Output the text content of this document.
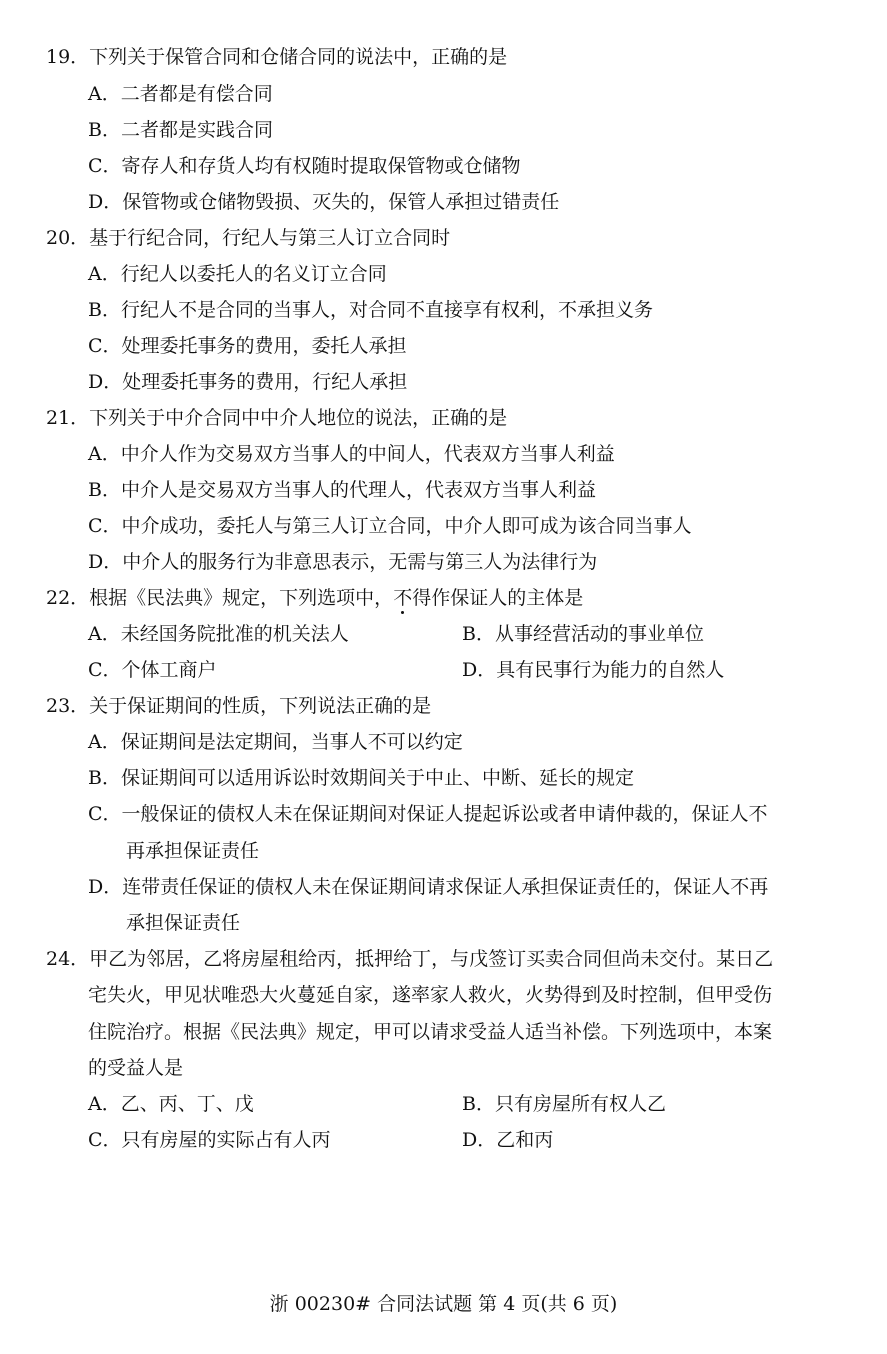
19．下列关于保管合同和仓储合同的说法中，正确的是
A．二者都是有偿合同
B．二者都是实践合同
C．寄存人和存货人均有权随时提取保管物或仓储物
D．保管物或仓储物毁损、灭失的，保管人承担过错责任
20．基于行纪合同，行纪人与第三人订立合同时
A．行纪人以委托人的名义订立合同
B．行纪人不是合同的当事人，对合同不直接享有权利，不承担义务
C．处理委托事务的费用，委托人承担
D．处理委托事务的费用，行纪人承担
21．下列关于中介合同中中介人地位的说法，正确的是
A．中介人作为交易双方当事人的中间人，代表双方当事人利益
B．中介人是交易双方当事人的代理人，代表双方当事人利益
C．中介成功，委托人与第三人订立合同，中介人即可成为该合同当事人
D．中介人的服务行为非意思表示，无需与第三人为法律行为
22．根据《民法典》规定，下列选项中，不得作保证人的主体是
A．未经国务院批准的机关法人	B．从事经营活动的事业单位
C．个体工商户	D．具有民事行为能力的自然人
23．关于保证期间的性质，下列说法正确的是
A．保证期间是法定期间，当事人不可以约定
B．保证期间可以适用诉讼时效期间关于中止、中断、延长的规定
C．一般保证的债权人未在保证期间对保证人提起诉讼或者申请仲裁的，保证人不
再承担保证责任
D．连带责任保证的债权人未在保证期间请求保证人承担保证责任的，保证人不再
承担保证责任
24．甲乙为邻居，乙将房屋租给丙，抵押给丁，与戊签订买卖合同但尚未交付。某日乙
宅失火，甲见状唯恐大火蔓延自家，遂率家人救火，火势得到及时控制，但甲受伤
住院治疗。根据《民法典》规定，甲可以请求受益人适当补偿。下列选项中，本案
的受益人是
A．乙、丙、丁、戊	B．只有房屋所有权人乙
C．只有房屋的实际占有人丙	D．乙和丙
浙 00230# 合同法试题 第 4 页(共 6 页)
